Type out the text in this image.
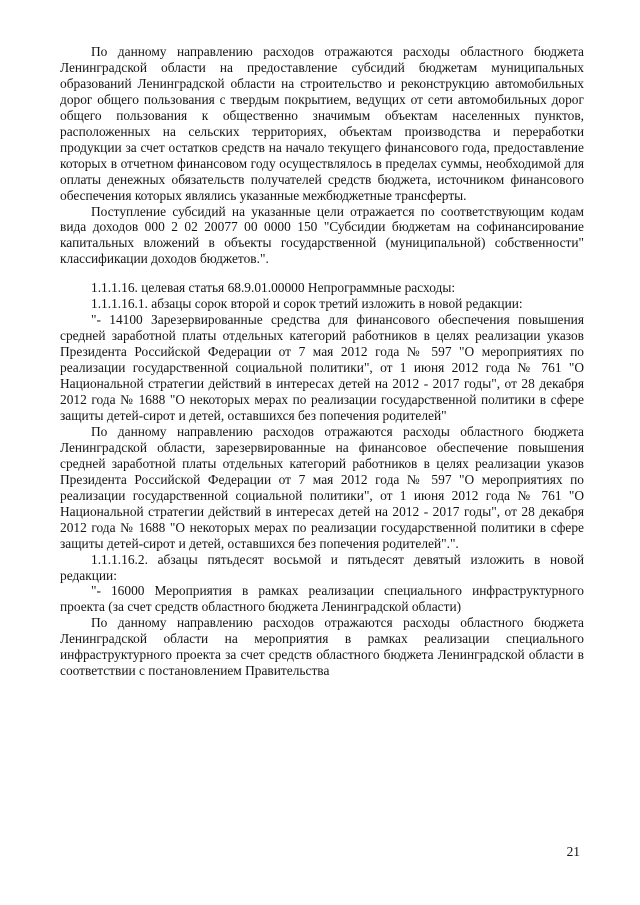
По данному направлению расходов отражаются расходы областного бюджета Ленинградской области на предоставление субсидий бюджетам муниципальных образований Ленинградской области на строительство и реконструкцию автомобильных дорог общего пользования с твердым покрытием, ведущих от сети автомобильных дорог общего пользования к общественно значимым объектам населенных пунктов, расположенных на сельских территориях, объектам производства и переработки продукции за счет остатков средств на начало текущего финансового года, предоставление которых в отчетном финансовом году осуществлялось в пределах суммы, необходимой для оплаты денежных обязательств получателей средств бюджета, источником финансового обеспечения которых являлись указанные межбюджетные трансферты.

Поступление субсидий на указанные цели отражается по соответствующим кодам вида доходов 000 2 02 20077 00 0000 150 "Субсидии бюджетам на софинансирование капитальных вложений в объекты государственной (муниципальной) собственности" классификации доходов бюджетов.".

1.1.1.16. целевая статья 68.9.01.00000 Непрограммные расходы:

1.1.1.16.1. абзацы сорок второй и сорок третий изложить в новой редакции:

"- 14100 Зарезервированные средства для финансового обеспечения повышения средней заработной платы отдельных категорий работников в целях реализации указов Президента Российской Федерации от 7 мая 2012 года № 597 "О мероприятиях по реализации государственной социальной политики", от 1 июня 2012 года № 761 "О Национальной стратегии действий в интересах детей на 2012 - 2017 годы", от 28 декабря 2012 года № 1688 "О некоторых мерах по реализации государственной политики в сфере защиты детей-сирот и детей, оставшихся без попечения родителей"

По данному направлению расходов отражаются расходы областного бюджета Ленинградской области, зарезервированные на финансовое обеспечение повышения средней заработной платы отдельных категорий работников в целях реализации указов Президента Российской Федерации от 7 мая 2012 года № 597 "О мероприятиях по реализации государственной социальной политики", от 1 июня 2012 года № 761 "О Национальной стратегии действий в интересах детей на 2012 - 2017 годы", от 28 декабря 2012 года № 1688 "О некоторых мерах по реализации государственной политики в сфере защиты детей-сирот и детей, оставшихся без попечения родителей".".

1.1.1.16.2. абзацы пятьдесят восьмой и пятьдесят девятый изложить в новой редакции:

"- 16000 Мероприятия в рамках реализации специального инфраструктурного проекта (за счет средств областного бюджета Ленинградской области)

По данному направлению расходов отражаются расходы областного бюджета Ленинградской области на мероприятия в рамках реализации специального инфраструктурного проекта за счет средств областного бюджета Ленинградской области в соответствии с постановлением Правительства

21
